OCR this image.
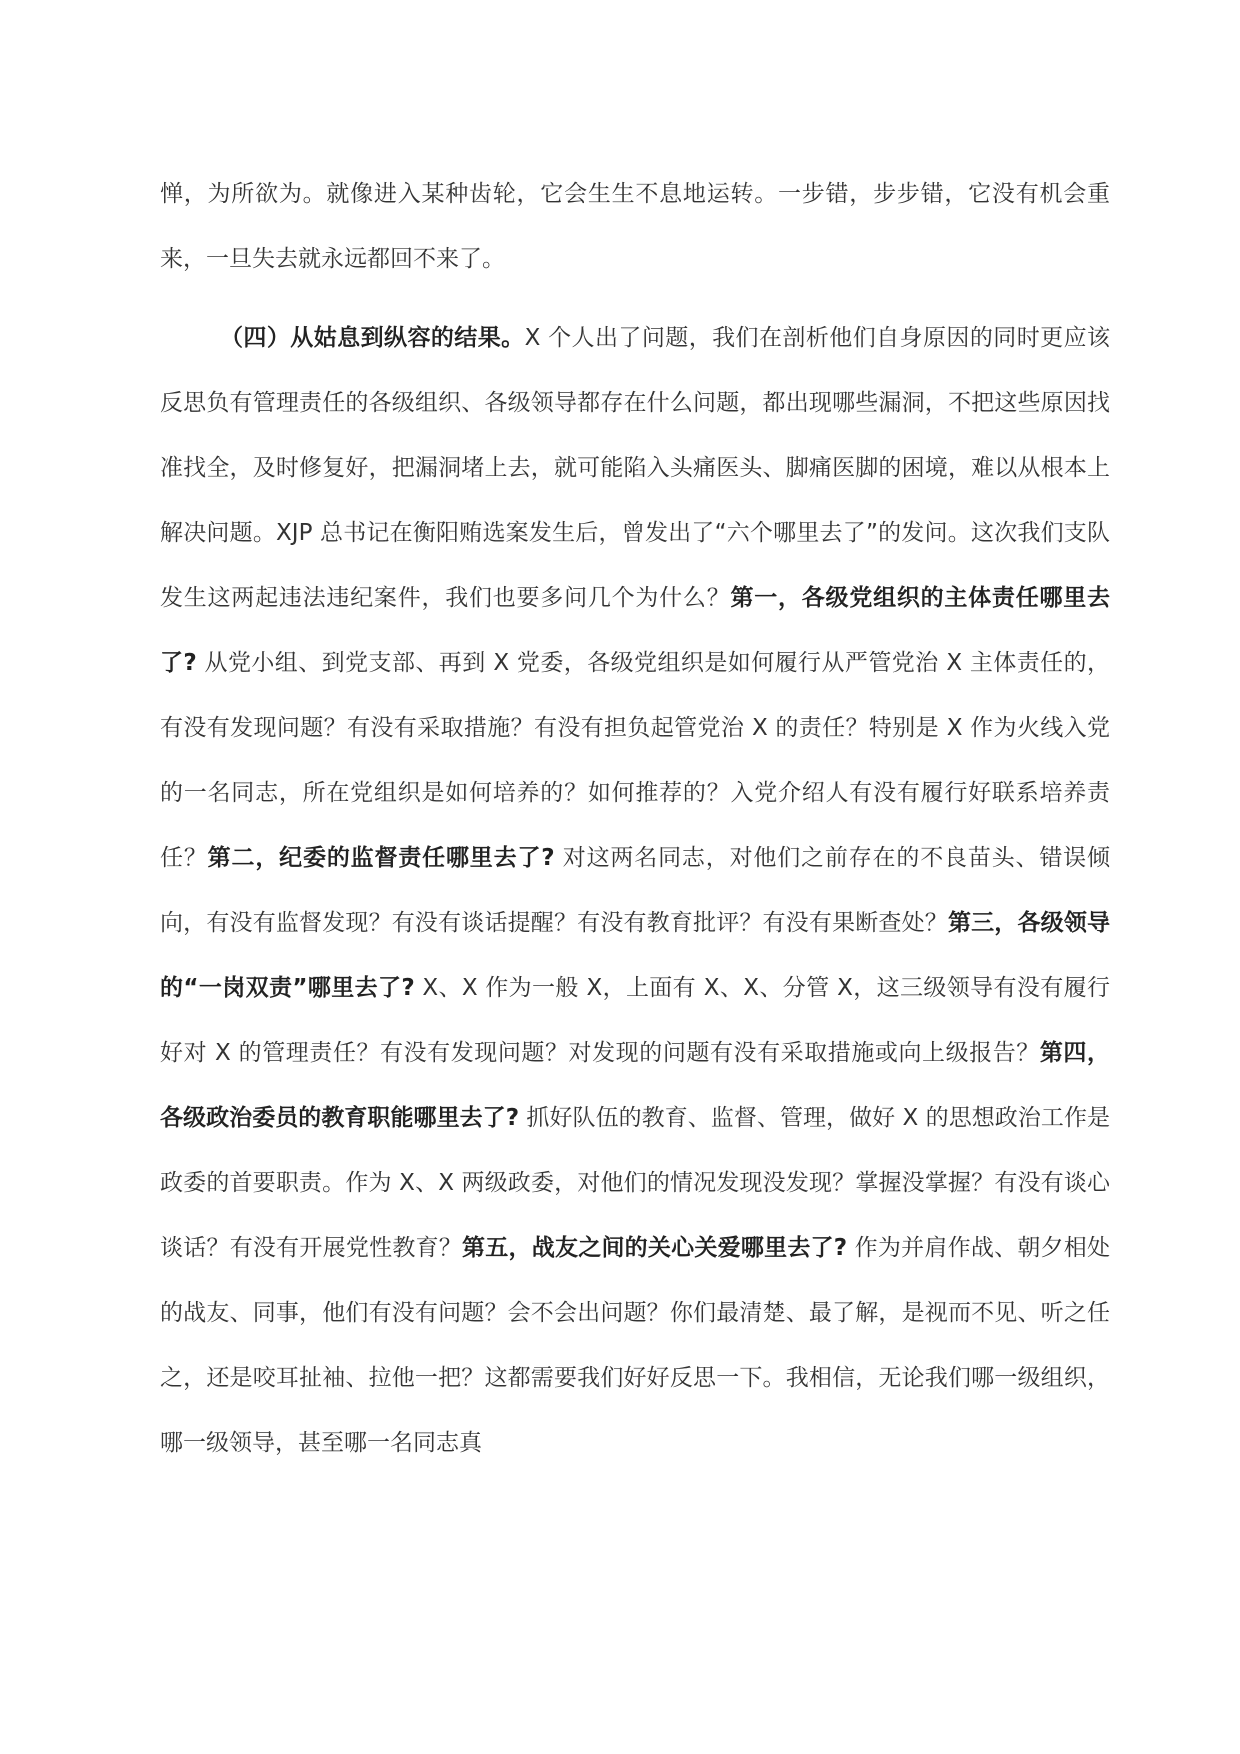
惮，为所欲为。就像进入某种齿轮，它会生生不息地运转。一步错，步步错，它没有机会重来，一旦失去就永远都回不来了。

（四）从姑息到纵容的结果。X 个人出了问题，我们在剖析他们自身原因的同时更应该反思负有管理责任的各级组织、各级领导都存在什么问题，都出现哪些漏洞，不把这些原因找准找全，及时修复好，把漏洞堵上去，就可能陷入头痛医头、脚痛医脚的困境，难以从根本上解决问题。XJP 总书记在衡阳贿选案发生后，曾发出了“六个哪里去了”的发问。这次我们支队发生这两起违法违纪案件，我们也要多问几个为什么？第一，各级党组织的主体责任哪里去了? 从党小组、到党支部、再到 X 党委，各级党组织是如何履行从严管党治 X 主体责任的，有没有发现问题？有没有采取措施？有没有担负起管党治 X 的责任？特别是 X 作为火线入党的一名同志，所在党组织是如何培养的？如何推荐的？入党介绍人有没有履行好联系培养责任？第二，纪委的监督责任哪里去了? 对这两名同志，对他们之前存在的不良苗头、错误倾向，有没有监督发现？有没有谈话提醒？有没有教育批评？有没有果断查处？第三，各级领导的“一岗双责”哪里去了? X、X 作为一般 X，上面有 X、X、分管 X，这三级领导有没有履行好对 X 的管理责任？有没有发现问题？对发现的问题有没有采取措施或向上级报告？第四，各级政治委员的教育职能哪里去了? 抓好队伍的教育、监督、管理，做好 X 的思想政治工作是政委的首要职责。作为 X、X 两级政委，对他们的情况发现没发现？掌握没掌握？有没有谈心谈话？有没有开展党性教育？第五，战友之间的关心关爱哪里去了? 作为并肩作战、朝夕相处的战友、同事，他们有没有问题？会不会出问题？你们最清楚、最了解，是视而不见、听之任之，还是咬耳扯袖、拉他一把？这都需要我们好好反思一下。我相信，无论我们哪一级组织，哪一级领导，甚至哪一名同志真
